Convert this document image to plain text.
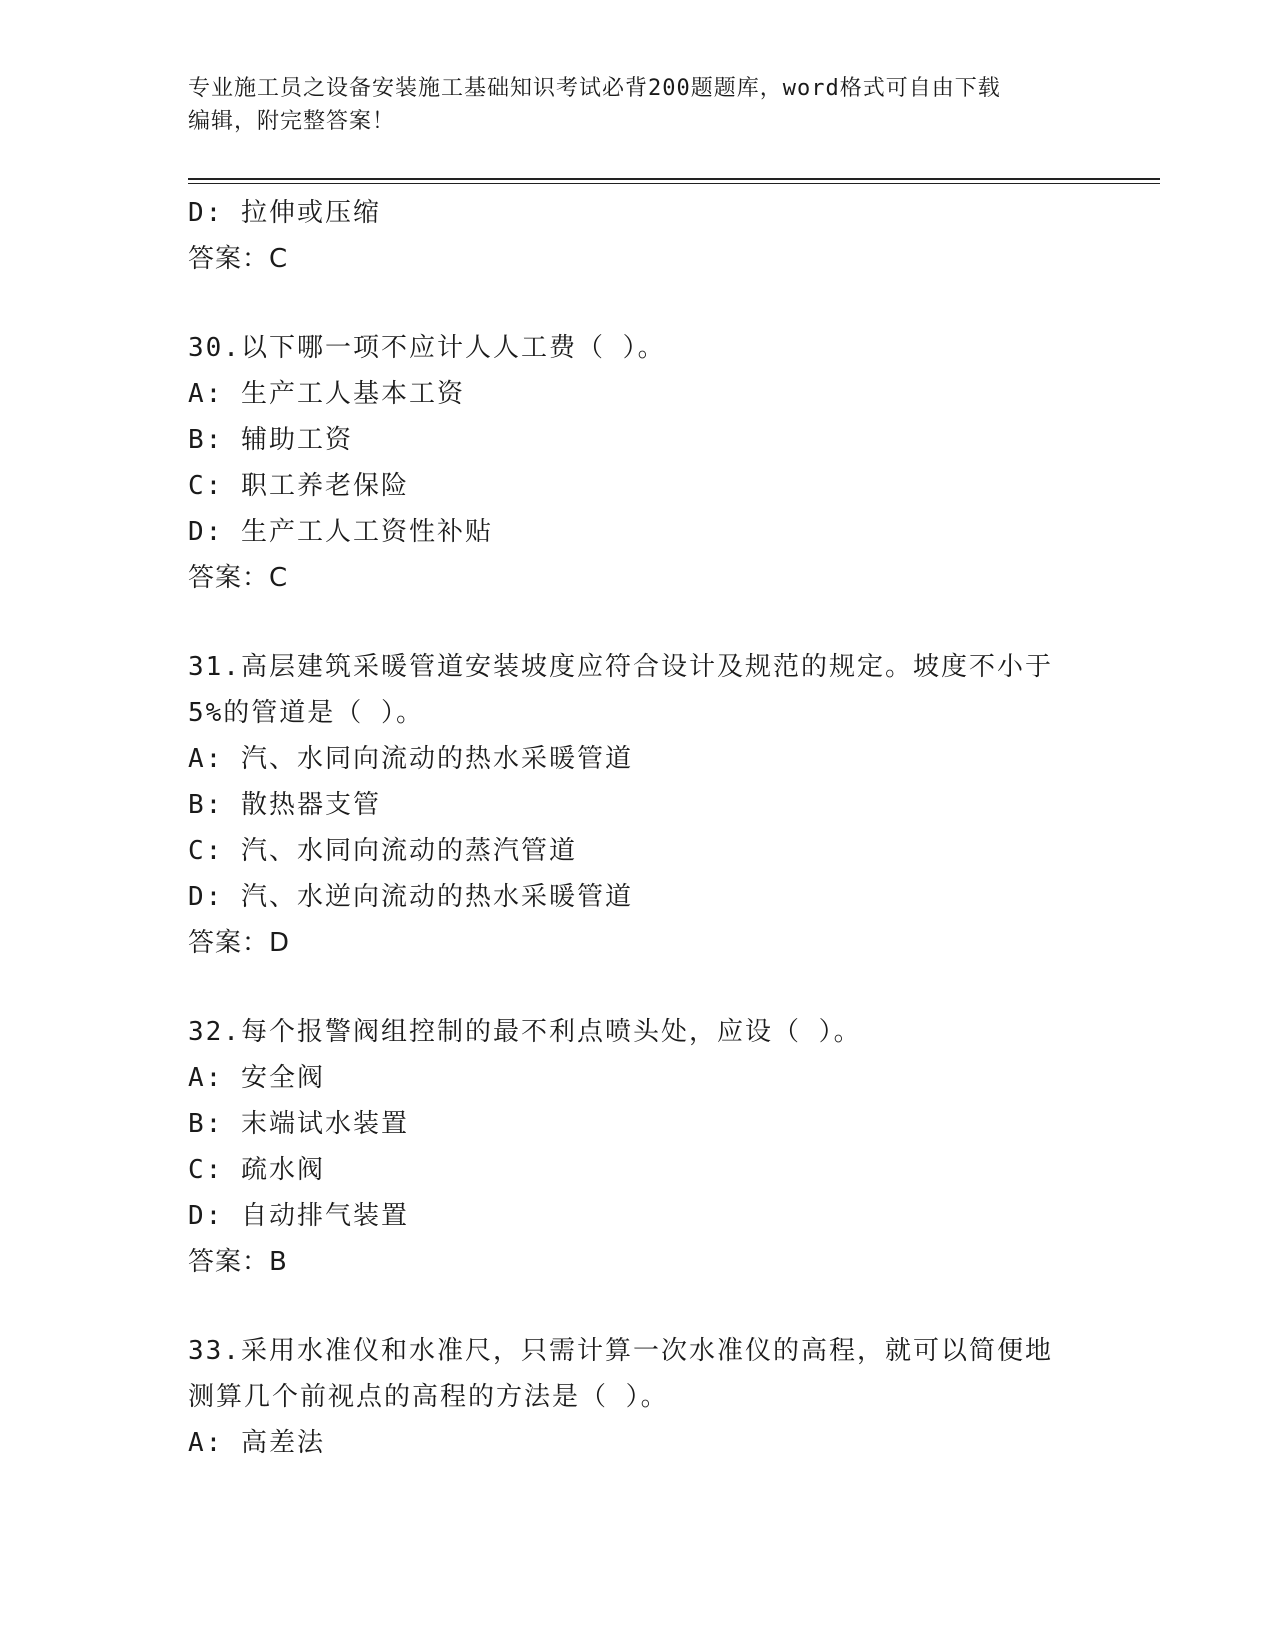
专业施工员之设备安装施工基础知识考试必背200题题库，word格式可自由下载
编辑，附完整答案！
D: 拉伸或压缩
答案：C
30.以下哪一项不应计人人工费（ ）。
A: 生产工人基本工资
B: 辅助工资
C: 职工养老保险
D: 生产工人工资性补贴
答案：C
31.高层建筑采暖管道安装坡度应符合设计及规范的规定。坡度不小于
5%的管道是（ ）。
A: 汽、水同向流动的热水采暖管道
B: 散热器支管
C: 汽、水同向流动的蒸汽管道
D: 汽、水逆向流动的热水采暖管道
答案：D
32.每个报警阀组控制的最不利点喷头处，应设（ ）。
A: 安全阀
B: 末端试水装置
C: 疏水阀
D: 自动排气装置
答案：B
33.采用水准仪和水准尺，只需计算一次水准仪的高程，就可以简便地
测算几个前视点的高程的方法是（ ）。
A: 高差法
